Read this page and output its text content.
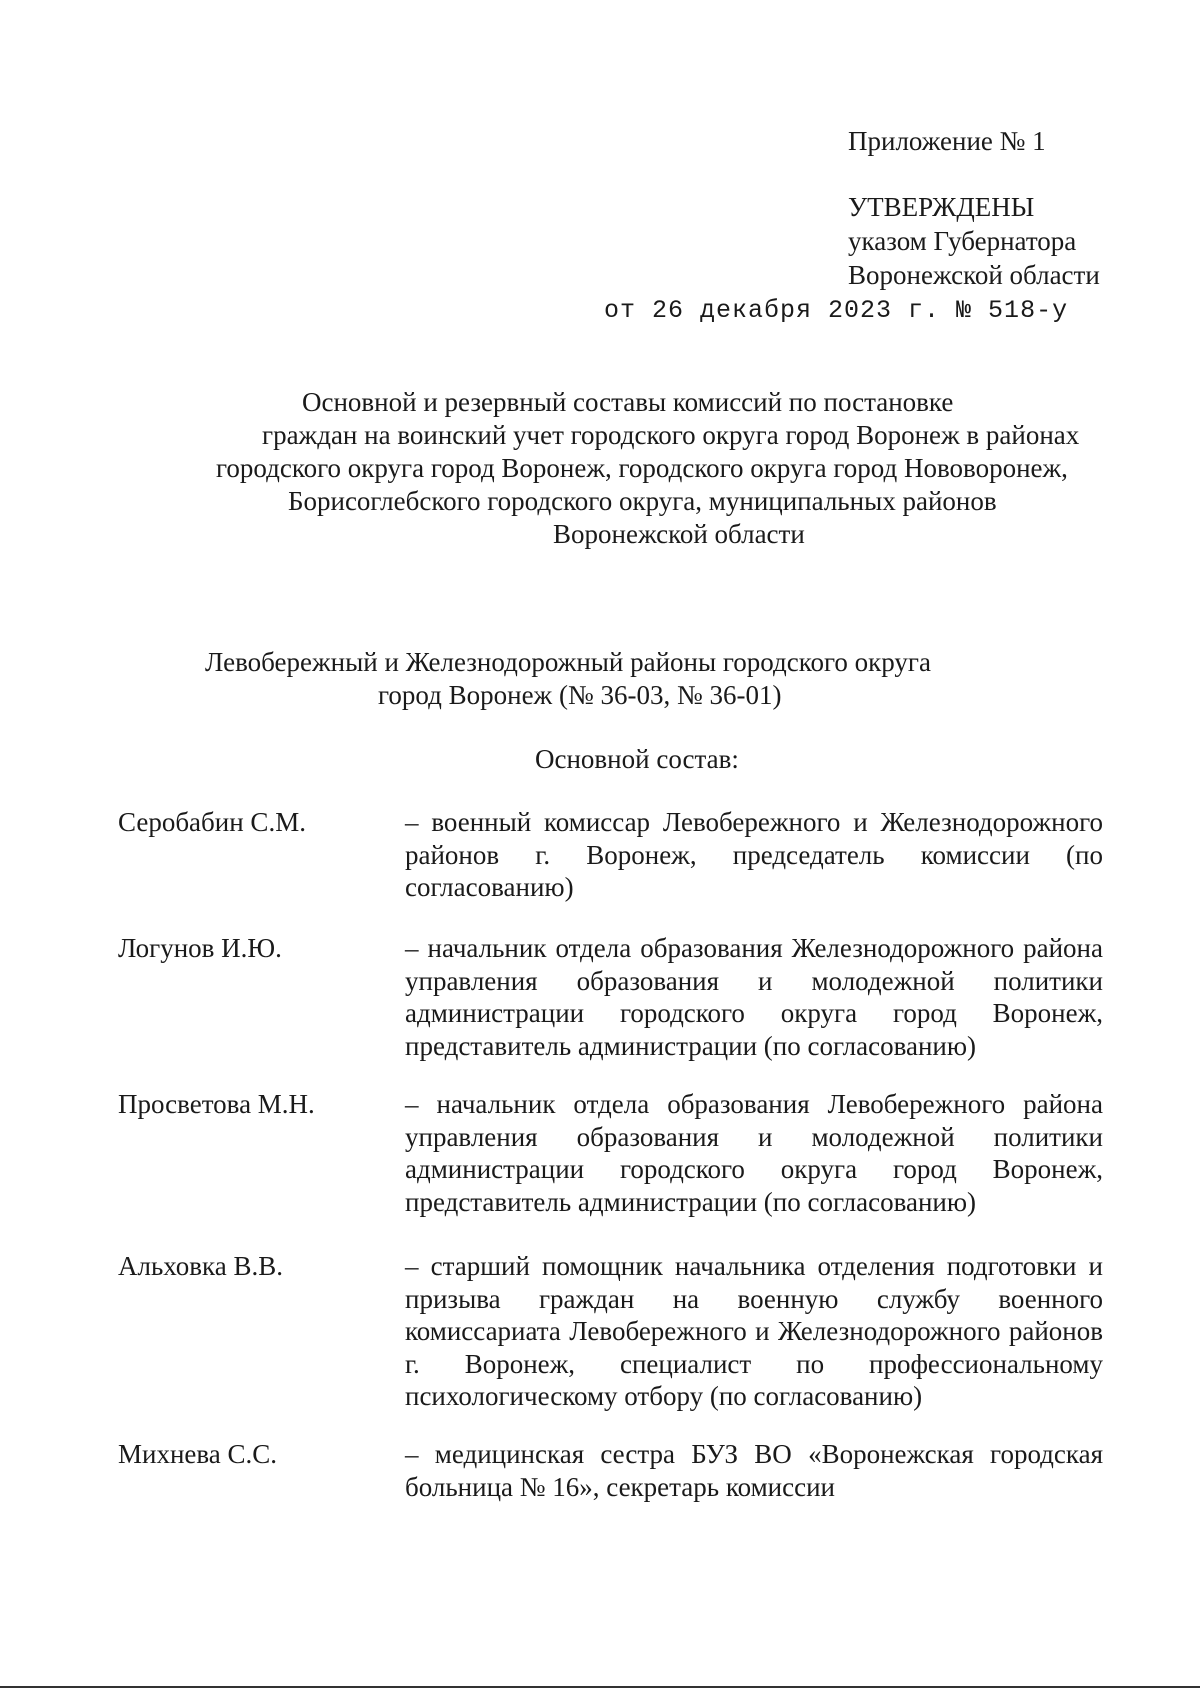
Приложение № 1
УТВЕРЖДЕНЫ
указом Губернатора
Воронежской области
от 26 декабря 2023 г. № 518-у
Основной и резервный составы комиссий по постановке
граждан на воинский учет городского округа город Воронеж в районах
городского округа город Воронеж, городского округа город Нововоронеж,
Борисоглебского городского округа, муниципальных районов
Воронежской области
Левобережный и Железнодорожный районы городского округа
город Воронеж (№ 36-03, № 36-01)
Основной состав:
Серобабин С.М.	– военный комиссар Левобережного и Железнодорожного районов г. Воронеж, председатель комиссии (по согласованию)
Логунов И.Ю.	– начальник отдела образования Железнодорожного района управления образования и молодежной политики администрации городского округа город Воронеж, представитель администрации (по согласованию)
Просветова М.Н.	– начальник отдела образования Левобережного района управления образования и молодежной политики администрации городского округа город Воронеж, представитель администрации (по согласованию)
Альховка В.В.	– старший помощник начальника отделения подготовки и призыва граждан на военную службу военного комиссариата Левобережного и Железнодорожного районов г. Воронеж, специалист по профессиональному психологическому отбору (по согласованию)
Михнева С.С.	– медицинская сестра БУЗ ВО «Воронежская городская больница № 16», секретарь комиссии
